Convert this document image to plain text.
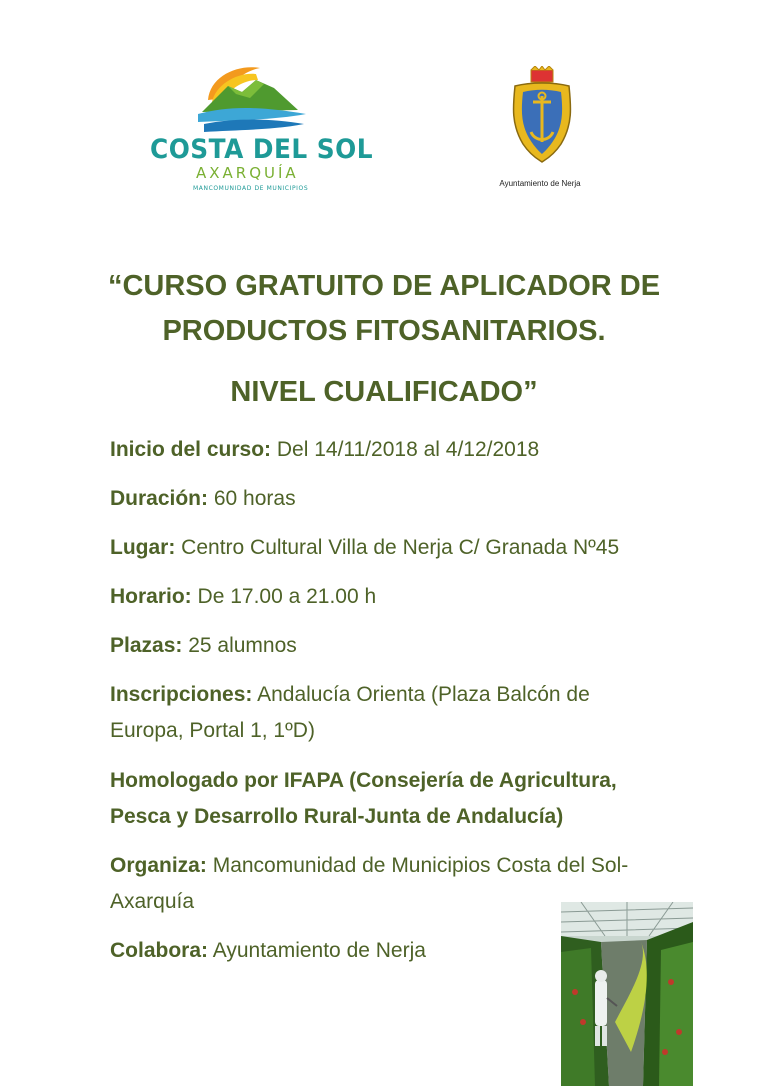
COSTA DEL SOL
AXARQUÍA
MANCOMUNIDAD DE MUNICIPIOS
Ayuntamiento de Nerja
“CURSO GRATUITO DE APLICADOR DE
PRODUCTOS FITOSANITARIOS.
NIVEL CUALIFICADO”
Inicio del curso: Del 14/11/2018 al 4/12/2018
Duración: 60 horas
Lugar: Centro Cultural Villa de Nerja C/ Granada Nº45
Horario: De 17.00 a 21.00 h
Plazas: 25 alumnos
Inscripciones: Andalucía Orienta (Plaza Balcón de
Europa, Portal 1, 1ºD)
Homologado por IFAPA (Consejería de Agricultura,
Pesca y Desarrollo Rural-Junta de Andalucía)
Organiza: Mancomunidad de Municipios Costa del Sol-
Axarquía
Colabora: Ayuntamiento de Nerja
